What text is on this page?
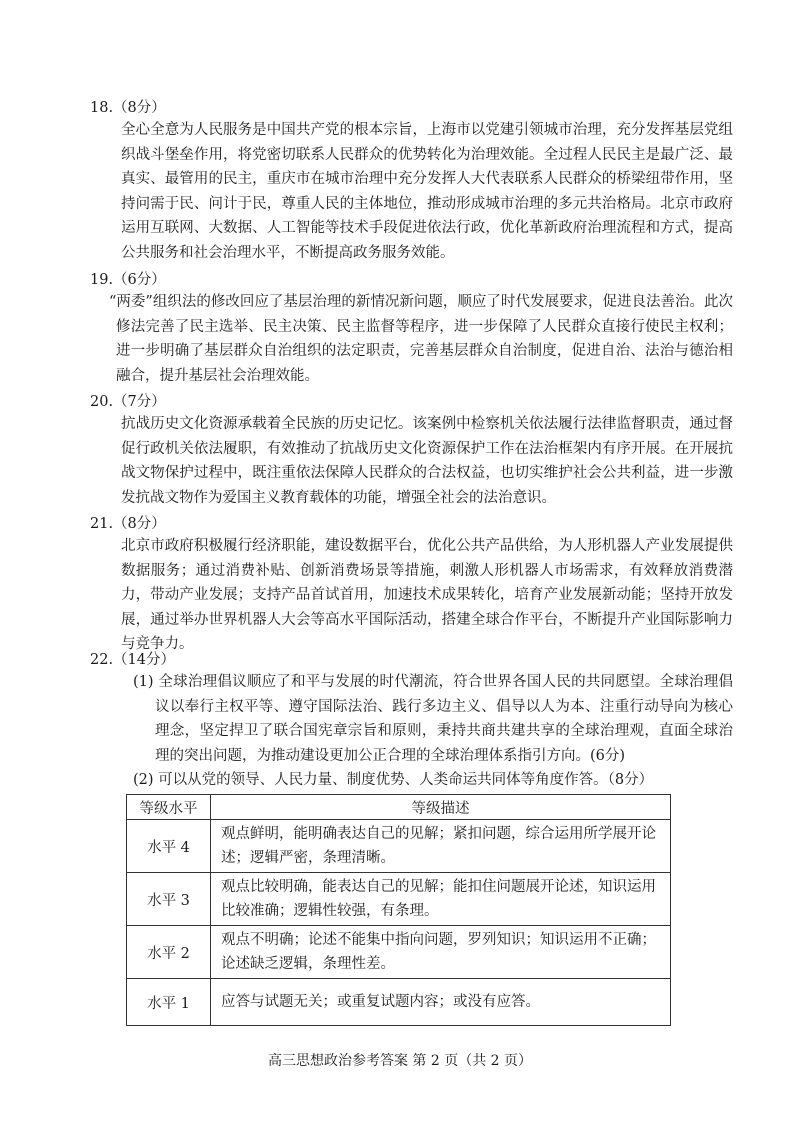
18.（8分）
全心全意为人民服务是中国共产党的根本宗旨，上海市以党建引领城市治理，充分发挥基层党组织战斗堡垒作用，将党密切联系人民群众的优势转化为治理效能。全过程人民民主是最广泛、最真实、最管用的民主，重庆市在城市治理中充分发挥人大代表联系人民群众的桥梁纽带作用，坚持问需于民、问计于民，尊重人民的主体地位，推动形成城市治理的多元共治格局。北京市政府运用互联网、大数据、人工智能等技术手段促进依法行政，优化革新政府治理流程和方式，提高公共服务和社会治理水平，不断提高政务服务效能。
19.（6分）
“两委”组织法的修改回应了基层治理的新情况新问题，顺应了时代发展要求，促进良法善治。此次修法完善了民主选举、民主决策、民主监督等程序，进一步保障了人民群众直接行使民主权利；进一步明确了基层群众自治组织的法定职责，完善基层群众自治制度，促进自治、法治与德治相融合，提升基层社会治理效能。
20.（7分）
抗战历史文化资源承载着全民族的历史记忆。该案例中检察机关依法履行法律监督职责，通过督促行政机关依法履职，有效推动了抗战历史文化资源保护工作在法治框架内有序开展。在开展抗战文物保护过程中，既注重依法保障人民群众的合法权益，也切实维护社会公共利益，进一步激发抗战文物作为爱国主义教育载体的功能，增强全社会的法治意识。
21.（8分）
北京市政府积极履行经济职能，建设数据平台，优化公共产品供给，为人形机器人产业发展提供数据服务；通过消费补贴、创新消费场景等措施，刺激人形机器人市场需求，有效释放消费潜力，带动产业发展；支持产品首试首用，加速技术成果转化，培育产业发展新动能；坚持开放发展，通过举办世界机器人大会等高水平国际活动，搭建全球合作平台，不断提升产业国际影响力与竞争力。
22.（14分）
(1) 全球治理倡议顺应了和平与发展的时代潮流，符合世界各国人民的共同愿望。全球治理倡议以奉行主权平等、遵守国际法治、践行多边主义、倡导以人为本、注重行动导向为核心理念，坚定捍卫了联合国宪章宗旨和原则，秉持共商共建共享的全球治理观，直面全球治理的突出问题，为推动建设更加公正合理的全球治理体系指引方向。(6分)
(2) 可以从党的领导、人民力量、制度优势、人类命运共同体等角度作答。（8分）
等级水平	等级描述
水平 4	观点鲜明，能明确表达自己的见解；紧扣问题，综合运用所学展开论述；逻辑严密，条理清晰。
水平 3	观点比较明确，能表达自己的见解；能扣住问题展开论述，知识运用比较准确；逻辑性较强，有条理。
水平 2	观点不明确；论述不能集中指向问题，罗列知识；知识运用不正确；论述缺乏逻辑，条理性差。
水平 1	应答与试题无关；或重复试题内容；或没有应答。
高三思想政治参考答案 第 2 页（共 2 页）
